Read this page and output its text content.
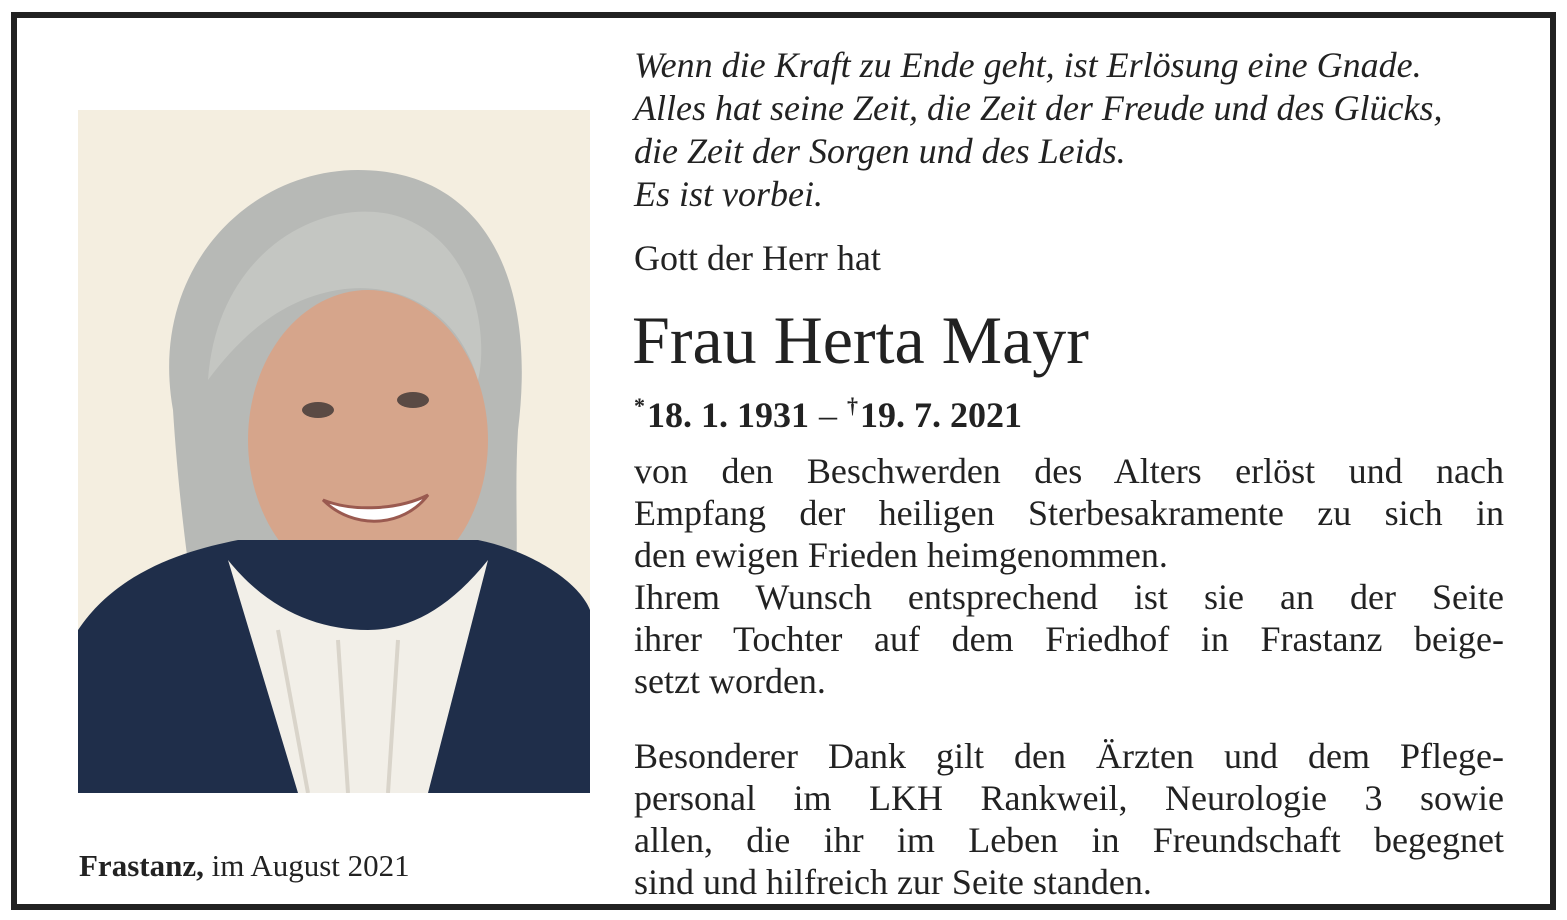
Wenn die Kraft zu Ende geht, ist Erlösung eine Gnade.
Alles hat seine Zeit, die Zeit der Freude und des Glücks,
die Zeit der Sorgen und des Leids.
Es ist vorbei.
Gott der Herr hat
Frau Herta Mayr
*18. 1. 1931 – †19. 7. 2021
von den Beschwerden des Alters erlöst und nach
Empfang der heiligen Sterbesakramente zu sich in
den ewigen Frieden heimgenommen.
Ihrem Wunsch entsprechend ist sie an der Seite
ihrer Tochter auf dem Friedhof in Frastanz beige-
setzt worden.
Besonderer Dank gilt den Ärzten und dem Pflege-
personal im LKH Rankweil, Neurologie 3 sowie
allen, die ihr im Leben in Freundschaft begegnet
sind und hilfreich zur Seite standen.
Frastanz, im August 2021
